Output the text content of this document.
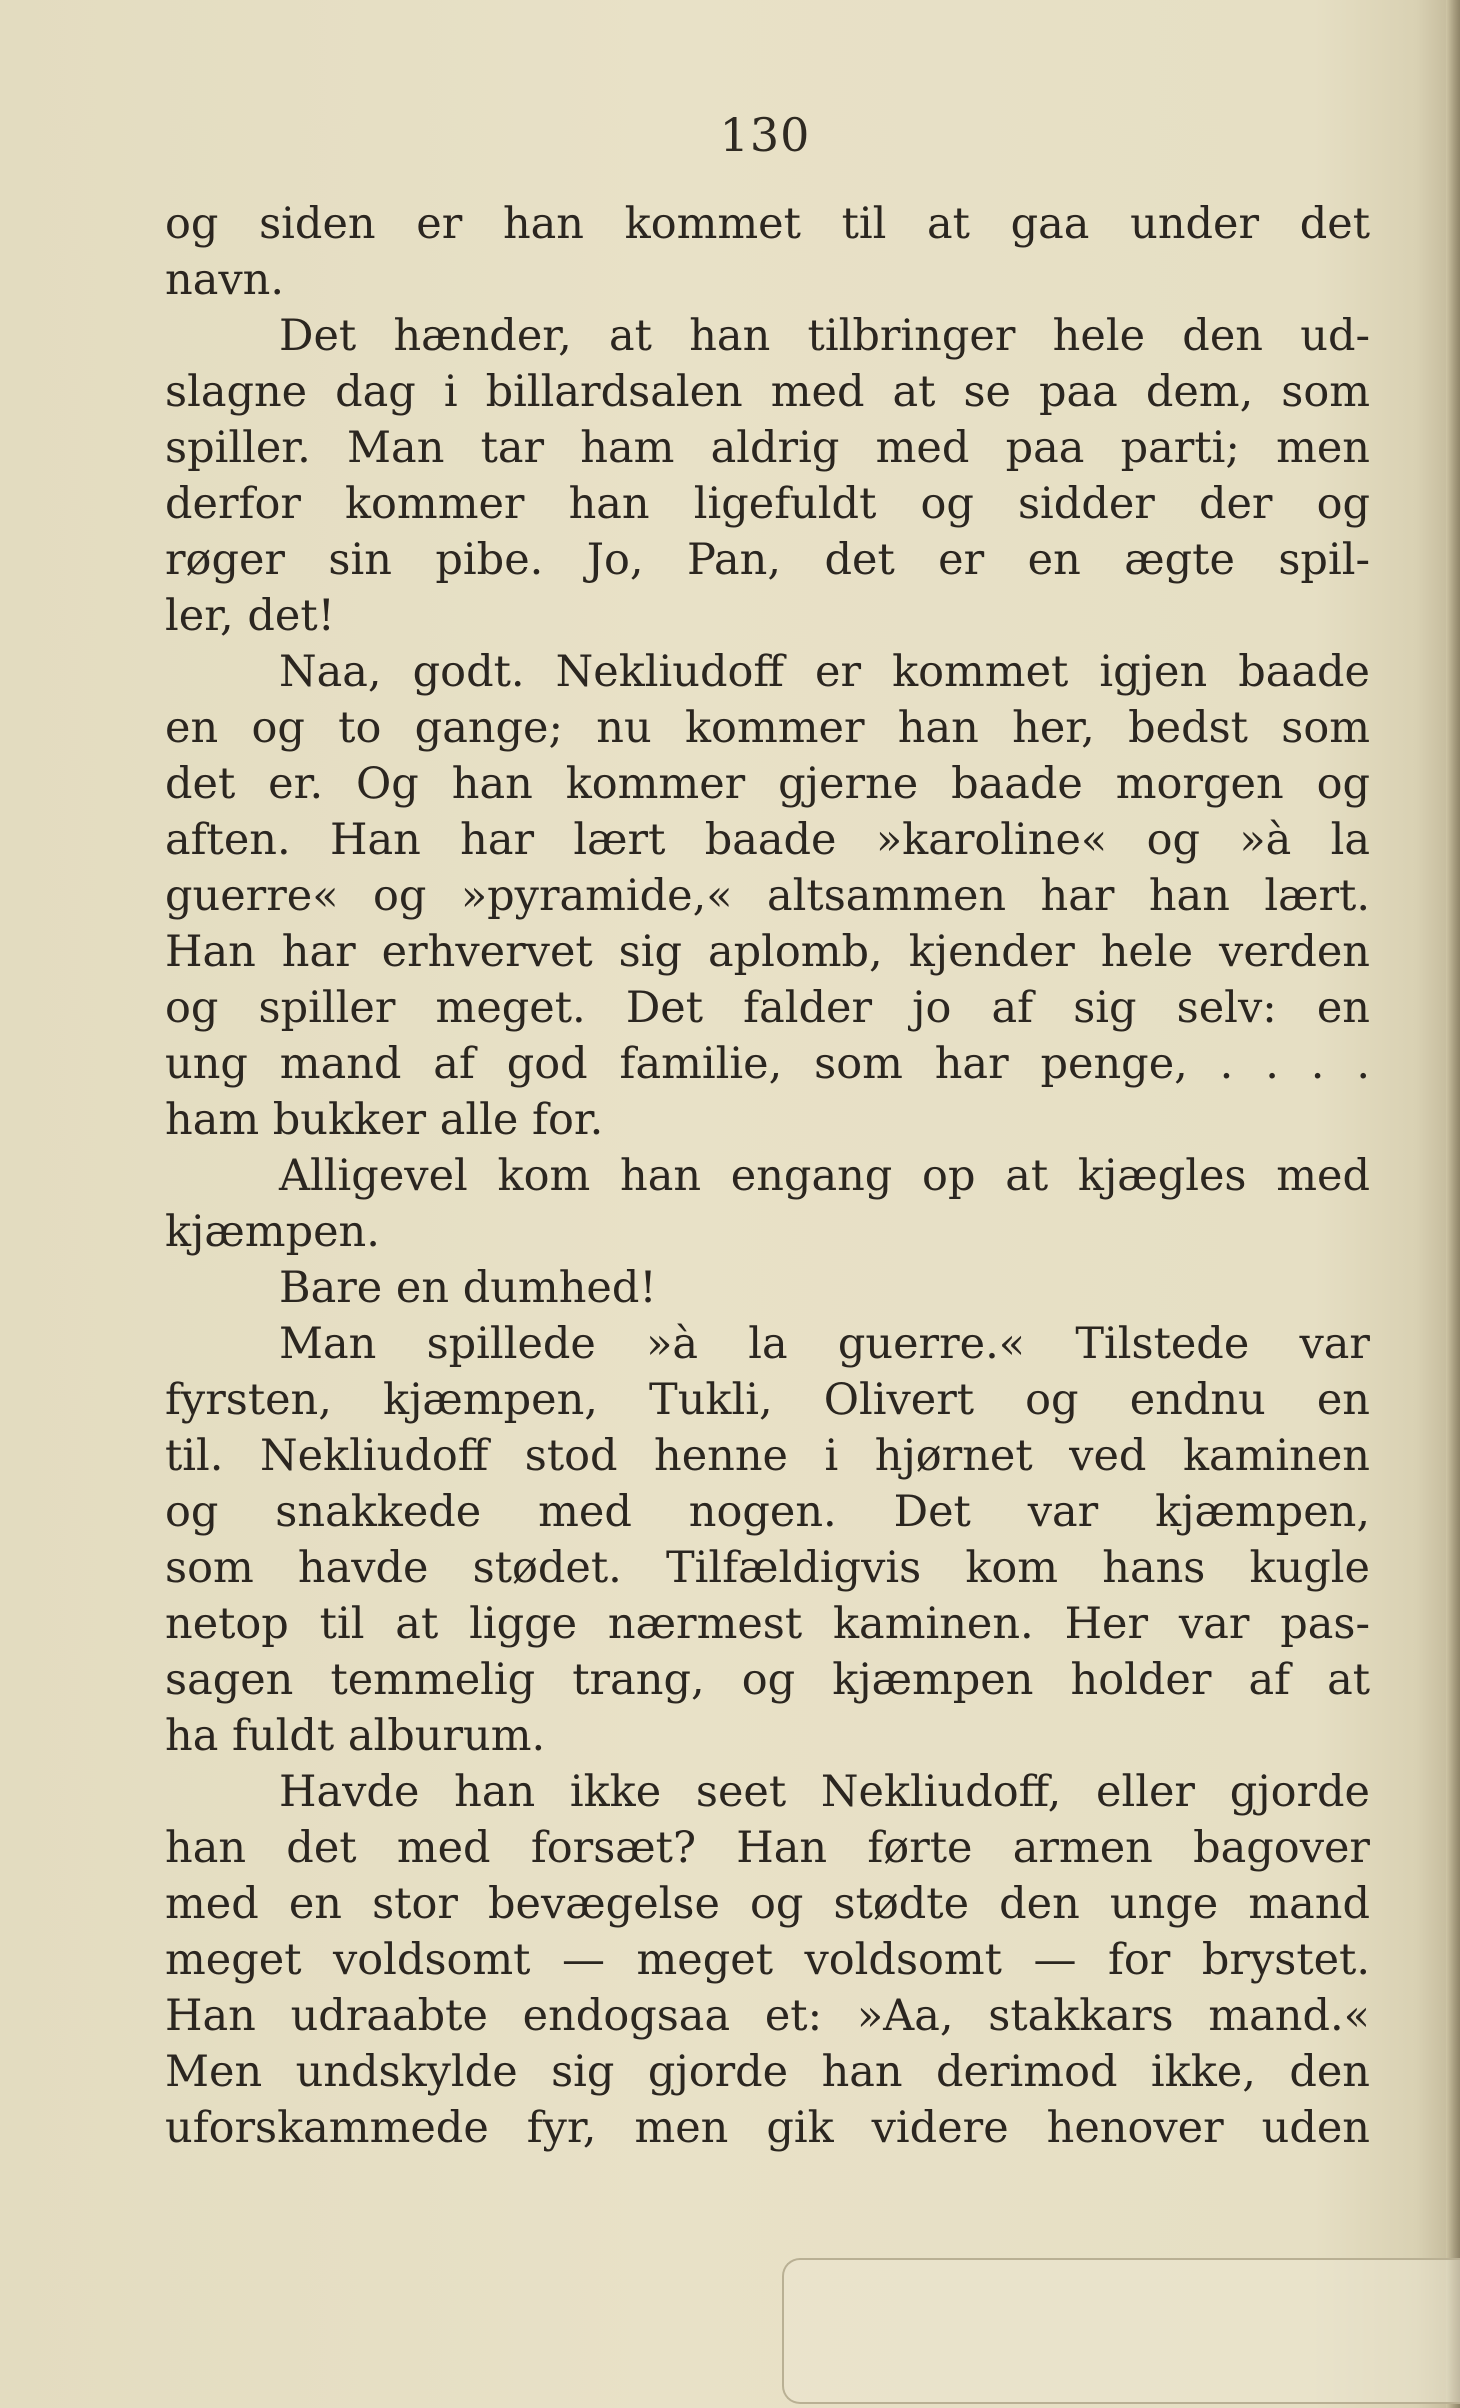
130
og siden er han kommet til at gaa under det
navn.
Det hænder, at han tilbringer hele den ud-
slagne dag i billardsalen med at se paa dem, som
spiller. Man tar ham aldrig med paa parti; men
derfor kommer han ligefuldt og sidder der og
røger sin pibe. Jo, Pan, det er en ægte spil-
ler, det!
Naa, godt. Nekliudoff er kommet igjen baade
en og to gange; nu kommer han her, bedst som
det er. Og han kommer gjerne baade morgen og
aften. Han har lært baade »karoline« og »à la
guerre« og »pyramide,« altsammen har han lært.
Han har erhvervet sig aplomb, kjender hele verden
og spiller meget. Det falder jo af sig selv: en
ung mand af god familie, som har penge, . . . .
ham bukker alle for.
Alligevel kom han engang op at kjægles med
kjæmpen.
Bare en dumhed!
Man spillede »à la guerre.« Tilstede var
fyrsten, kjæmpen, Tukli, Olivert og endnu en
til. Nekliudoff stod henne i hjørnet ved kaminen
og snakkede med nogen. Det var kjæmpen,
som havde stødet. Tilfældigvis kom hans kugle
netop til at ligge nærmest kaminen. Her var pas-
sagen temmelig trang, og kjæmpen holder af at
ha fuldt alburum.
Havde han ikke seet Nekliudoff, eller gjorde
han det med forsæt? Han førte armen bagover
med en stor bevægelse og stødte den unge mand
meget voldsomt — meget voldsomt — for brystet.
Han udraabte endogsaa et: »Aa, stakkars mand.«
Men undskylde sig gjorde han derimod ikke, den
uforskammede fyr, men gik videre henover uden
